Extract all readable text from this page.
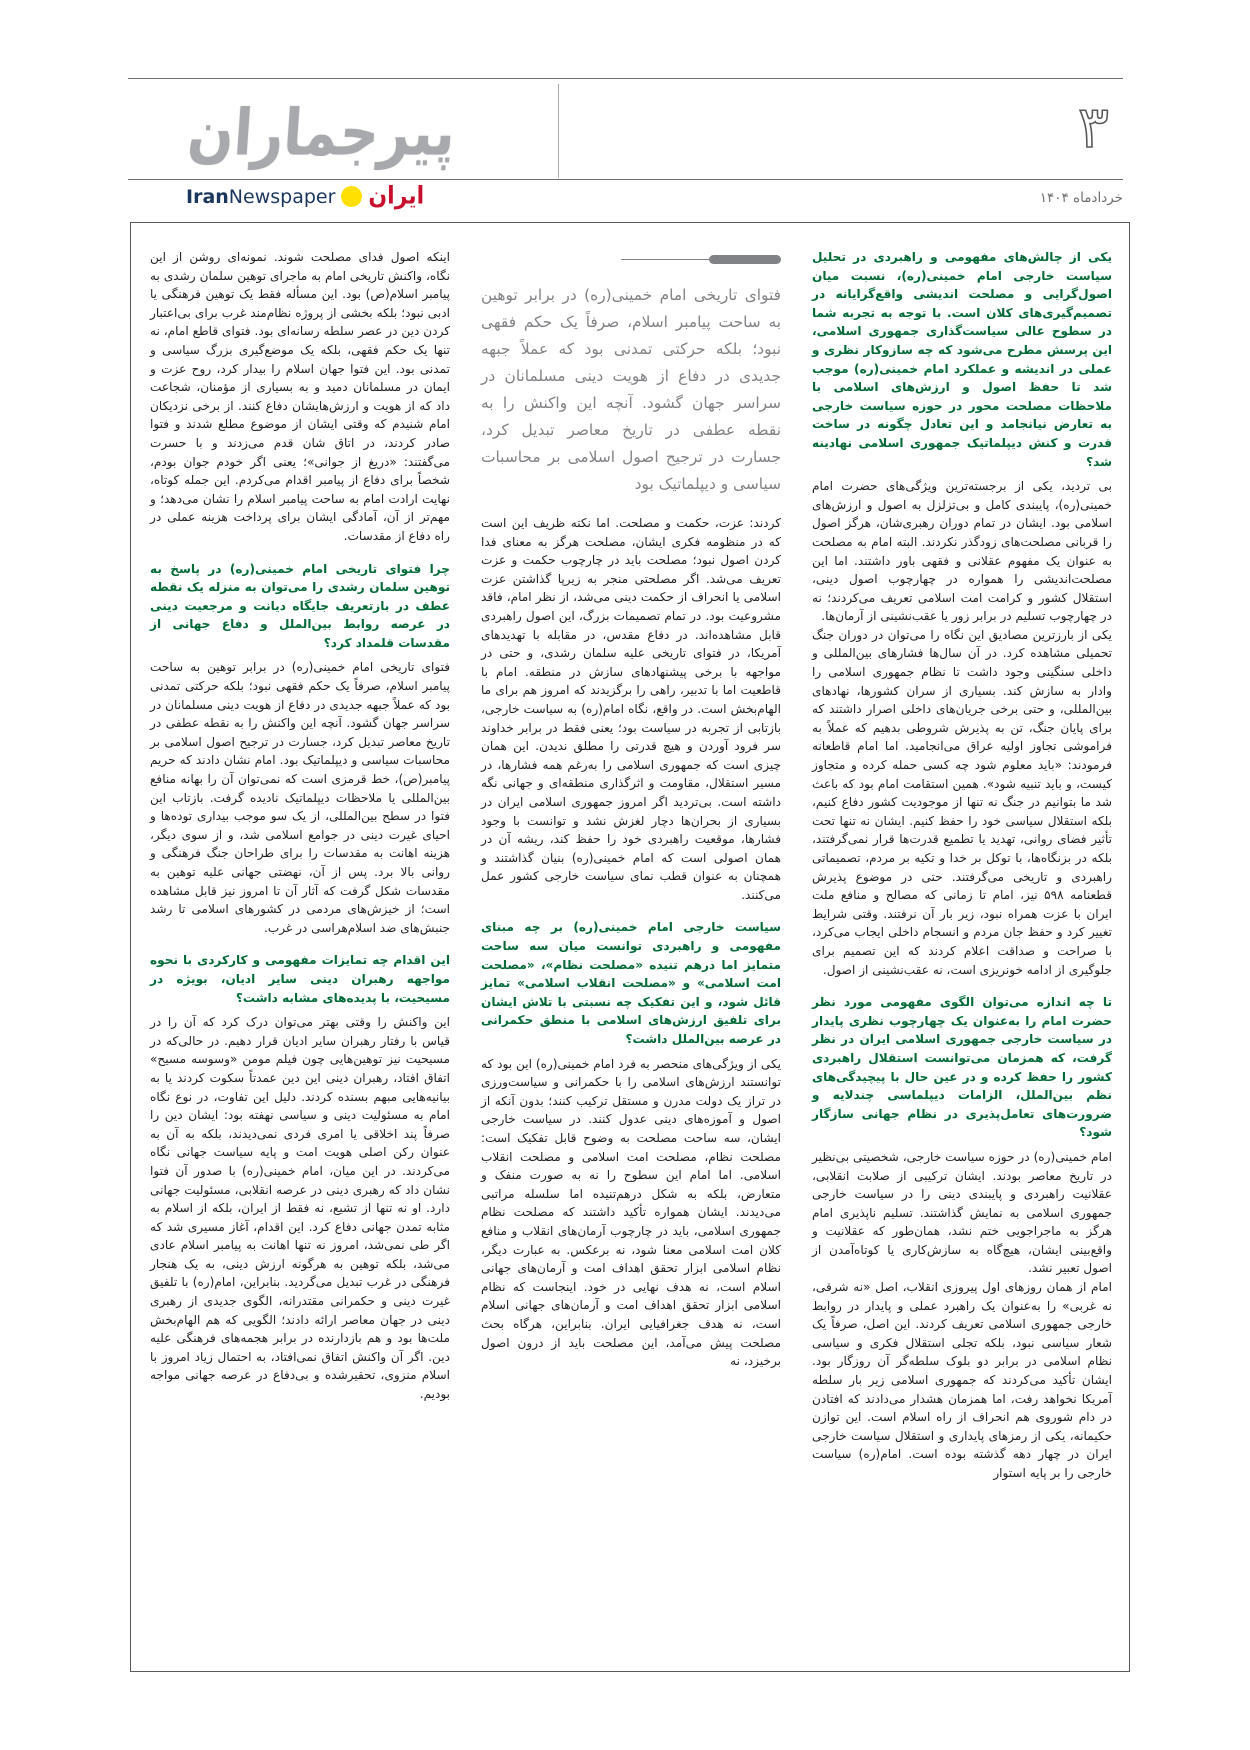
۳
پیرجماران
خردادماه ۱۴۰۴
IranNewspaper ایران

یکی از چالش‌های مفهومی و راهبردی در تحلیل سیاست خارجی امام خمینی(ره)، نسبت میان اصول‌گرایی و مصلحت اندیشی واقع‌گرایانه در تصمیم‌گیری‌های کلان است. با توجه به تجربه شما در سطوح عالی سیاست‌گذاری جمهوری اسلامی، این پرسش مطرح می‌شود که چه سازوکار نظری و عملی در اندیشه و عملکرد امام خمینی(ره) موجب شد تا حفظ اصول و ارزش‌های اسلامی با ملاحظات مصلحت محور در حوزه سیاست خارجی به تعارض نیانجامد و این تعادل چگونه در ساخت قدرت و کنش دیپلماتیک جمهوری اسلامی نهادینه شد؟

بی تردید، یکی از برجسته‌ترین ویژگی‌های حضرت امام خمینی(ره)، پایبندی کامل و بی‌تزلزل به اصول و ارزش‌های اسلامی بود. ایشان در تمام دوران رهبری‌شان، هرگز اصول را قربانی مصلحت‌های زودگذر نکردند. البته امام به مصلحت به عنوان یک مفهوم عقلانی و فقهی باور داشتند. اما این مصلحت‌اندیشی را همواره در چهارچوب اصول دینی، استقلال کشور و کرامت امت اسلامی تعریف می‌کردند؛ نه در چهارچوب تسلیم در برابر زور یا عقب‌نشینی از آرمان‌ها.

یکی از بارزترین مصادیق این نگاه را می‌توان در دوران جنگ تحمیلی مشاهده کرد. در آن سال‌ها فشارهای بین‌المللی و داخلی سنگینی وجود داشت تا نظام جمهوری اسلامی را وادار به سازش کند. بسیاری از سران کشورها، نهادهای بین‌المللی، و حتی برخی جریان‌های داخلی اصرار داشتند که برای پایان جنگ، تن به پذیرش شروطی بدهیم که عملاً به فراموشی تجاوز اولیه عراق می‌انجامید. اما امام قاطعانه فرمودند: «باید معلوم شود چه کسی حمله کرده و متجاوز کیست، و باید تنبیه شود». همین استقامت امام بود که باعث شد ما بتوانیم در جنگ نه تنها از موجودیت کشور دفاع کنیم، بلکه استقلال سیاسی خود را حفظ کنیم. ایشان نه تنها تحت تأثیر فضای روانی، تهدید یا تطمیع قدرت‌ها قرار نمی‌گرفتند، بلکه در بزنگاه‌ها، با توکل بر خدا و تکیه بر مردم، تصمیماتی راهبردی و تاریخی می‌گرفتند. حتی در موضوع پذیرش قطعنامه ۵۹۸ نیز، امام تا زمانی که مصالح و منافع ملت ایران با عزت همراه نبود، زیر بار آن نرفتند. وقتی شرایط تغییر کرد و حفظ جان مردم و انسجام داخلی ایجاب می‌کرد، با صراحت و صداقت اعلام کردند که این تصمیم برای جلوگیری از ادامه خونریزی است، نه عقب‌نشینی از اصول.

تا چه اندازه می‌توان الگوی مفهومی مورد نظر حضرت امام را به‌عنوان یک چهارچوب نظری پایدار در سیاست خارجی جمهوری اسلامی ایران در نظر گرفت، که همزمان می‌توانست استقلال راهبردی کشور را حفظ کرده و در عین حال با پیچیدگی‌های نظم بین‌الملل، الزامات دیپلماسی چندلایه و ضرورت‌های تعامل‌پذیری در نظام جهانی سازگار شود؟

امام خمینی(ره) در حوزه سیاست خارجی، شخصیتی بی‌نظیر در تاریخ معاصر بودند. ایشان ترکیبی از صلابت انقلابی، عقلانیت راهبردی و پایبندی دینی را در سیاست خارجی جمهوری اسلامی به نمایش گذاشتند. تسلیم ناپذیری امام هرگز به ماجراجویی ختم نشد، همان‌طور که عقلانیت و واقع‌بینی ایشان، هیچ‌گاه به سازش‌کاری یا کوتاه‌آمدن از اصول تعبیر نشد.

امام از همان روزهای اول پیروزی انقلاب، اصل «نه شرقی، نه غربی» را به‌عنوان یک راهبرد عملی و پایدار در روابط خارجی جمهوری اسلامی تعریف کردند. این اصل، صرفاً یک شعار سیاسی نبود، بلکه تجلی استقلال فکری و سیاسی نظام اسلامی در برابر دو بلوک سلطه‌گر آن روزگار بود. ایشان تأکید می‌کردند که جمهوری اسلامی زیر بار سلطه آمریکا نخواهد رفت، اما همزمان هشدار می‌دادند که افتادن در دام شوروی هم انحراف از راه اسلام است. این توازن حکیمانه، یکی از رمزهای پایداری و استقلال سیاست خارجی ایران در چهار دهه گذشته بوده است. امام(ره) سیاست خارجی را بر پایه استوار

فتوای تاریخی امام خمینی(ره) در برابر توهین به ساحت پیامبر اسلام، صرفاً یک حکم فقهی نبود؛ بلکه حرکتی تمدنی بود که عملاً جبهه جدیدی در دفاع از هویت دینی مسلمانان در سراسر جهان گشود. آنچه این واکنش را به نقطه عطفی در تاریخ معاصر تبدیل کرد، جسارت در ترجیح اصول اسلامی بر محاسبات سیاسی و دیپلماتیک بود

کردند: عزت، حکمت و مصلحت. اما نکته ظریف این است که در منظومه فکری ایشان، مصلحت هرگز به معنای فدا کردن اصول نبود؛ مصلحت باید در چارچوب حکمت و عزت تعریف می‌شد. اگر مصلحتی منجر به زیرپا گذاشتن عزت اسلامی یا انحراف از حکمت دینی می‌شد، از نظر امام، فاقد مشروعیت بود. در تمام تصمیمات بزرگ، این اصول راهبردی قابل مشاهده‌اند. در دفاع مقدس، در مقابله با تهدیدهای آمریکا، در فتوای تاریخی علیه سلمان رشدی، و حتی در مواجهه با برخی پیشنهادهای سازش در منطقه. امام با قاطعیت اما با تدبیر، راهی را برگزیدند که امروز هم برای ما الهام‌بخش است. در واقع، نگاه امام(ره) به سیاست خارجی، بازتابی از تجربه در سیاست بود؛ یعنی فقط در برابر خداوند سر فرود آوردن و هیچ قدرتی را مطلق ندیدن. این همان چیزی است که جمهوری اسلامی را به‌رغم همه فشارها، در مسیر استقلال، مقاومت و اثرگذاری منطقه‌ای و جهانی نگه داشته است. بی‌تردید اگر امروز جمهوری اسلامی ایران در بسیاری از بحران‌ها دچار لغزش نشد و توانست با وجود فشارها، موقعیت راهبردی خود را حفظ کند، ریشه آن در همان اصولی است که امام خمینی(ره) بنیان گذاشتند و همچنان به عنوان قطب نمای سیاست خارجی کشور عمل می‌کنند.

سیاست خارجی امام خمینی(ره) بر چه مبنای مفهومی و راهبردی توانست میان سه ساحت متمایز اما درهم تنیده «مصلحت نظام»، «مصلحت امت اسلامی» و «مصلحت انقلاب اسلامی» تمایز قائل شود، و این تفکیک چه نسبتی با تلاش ایشان برای تلفیق ارزش‌های اسلامی با منطق حکمرانی در عرصه بین‌الملل داشت؟

یکی از ویژگی‌های منحصر به فرد امام خمینی(ره) این بود که توانستند ارزش‌های اسلامی را با حکمرانی و سیاست‌ورزی در تراز یک دولت مدرن و مستقل ترکیب کنند؛ بدون آنکه از اصول و آموزه‌های دینی عدول کنند. در سیاست خارجی ایشان، سه ساحت مصلحت به وضوح قابل تفکیک است: مصلحت نظام، مصلحت امت اسلامی و مصلحت انقلاب اسلامی. اما امام این سطوح را نه به صورت منفک و متعارض، بلکه به شکل درهم‌تنیده اما سلسله مراتبی می‌دیدند. ایشان همواره تأکید داشتند که مصلحت نظام جمهوری اسلامی، باید در چارچوب آرمان‌های انقلاب و منافع کلان امت اسلامی معنا شود، نه برعکس. به عبارت دیگر، نظام اسلامی ابزار تحقق اهداف امت و آرمان‌های جهانی اسلام است، نه هدف نهایی در خود. اینجاست که نظام اسلامی ابزار تحقق اهداف امت و آرمان‌های جهانی اسلام است، نه هدف جغرافیایی ایران. بنابراین، هرگاه بحث مصلحت پیش می‌آمد، این مصلحت باید از درون اصول برخیزد، نه

اینکه اصول فدای مصلحت شوند. نمونه‌ای روشن از این نگاه، واکنش تاریخی امام به ماجرای توهین سلمان رشدی به پیامبر اسلام(ص) بود. این مسأله فقط یک توهین فرهنگی یا ادبی نبود؛ بلکه بخشی از پروژه نظام‌مند غرب برای بی‌اعتبار کردن دین در عصر سلطه رسانه‌ای بود. فتوای قاطع امام، نه تنها یک حکم فقهی، بلکه یک موضع‌گیری بزرگ سیاسی و تمدنی بود. این فتوا جهان اسلام را بیدار کرد، روح عزت و ایمان در مسلمانان دمید و به بسیاری از مؤمنان، شجاعت داد که از هویت و ارزش‌هایشان دفاع کنند. از برخی نزدیکان امام شنیدم که وقتی ایشان از موضوع مطلع شدند و فتوا صادر کردند، در اتاق‌ شان قدم می‌زدند و با حسرت می‌گفتند: «دریغ از جوانی»؛ یعنی اگر خودم جوان بودم، شخصاً برای دفاع از پیامبر اقدام می‌کردم. این جمله کوتاه، نهایت ارادت امام به ساحت پیامبر اسلام را نشان می‌دهد؛ و مهم‌تر از آن، آمادگی ایشان برای پرداخت هزینه عملی در راه دفاع از مقدسات.

چرا فتوای تاریخی امام خمینی(ره) در پاسخ به توهین سلمان رشدی را می‌توان به منزله یک نقطه عطف در بازتعریف جایگاه دیانت و مرجعیت دینی در عرصه روابط بین‌الملل و دفاع جهانی از مقدسات قلمداد کرد؟

فتوای تاریخی امام خمینی(ره) در برابر توهین به ساحت پیامبر اسلام، صرفاً یک حکم فقهی نبود؛ بلکه حرکتی تمدنی بود که عملاً جبهه جدیدی در دفاع از هویت دینی مسلمانان در سراسر جهان گشود. آنچه این واکنش را به نقطه عطفی در تاریخ معاصر تبدیل کرد، جسارت در ترجیح اصول اسلامی بر محاسبات سیاسی و دیپلماتیک بود. امام نشان دادند که حریم پیامبر(ص)، خط قرمزی است که نمی‌توان آن را بهانه منافع بین‌المللی یا ملاحظات دیپلماتیک نادیده گرفت. بازتاب این فتوا در سطح بین‌المللی، از یک سو موجب بیداری توده‌ها و احیای غیرت دینی در جوامع اسلامی شد، و از سوی دیگر، هزینه اهانت به مقدسات را برای طراحان جنگ فرهنگی و روانی بالا برد. پس از آن، نهضتی جهانی علیه توهین به مقدسات شکل گرفت که آثار آن تا امروز نیز قابل مشاهده است؛ از خیزش‌های مردمی در کشورهای اسلامی تا رشد جنبش‌های ضد اسلام‌هراسی در غرب.

این اقدام چه تمایزات مفهومی و کارکردی با نحوه مواجهه رهبران دینی سایر ادیان، بویژه در مسیحیت، با پدیده‌های مشابه داشت؟

این واکنش را وقتی بهتر می‌توان درک کرد که آن را در قیاس با رفتار رهبران سایر ادیان قرار دهیم. در حالی‌که در مسیحیت نیز توهین‌هایی چون فیلم مومن «وسوسه مسیح» اتفاق افتاد، رهبران دینی این دین عمدتاً سکوت کردند یا به بیانیه‌هایی مبهم بسنده کردند. دلیل این تفاوت، در نوع نگاه امام به مسئولیت دینی و سیاسی نهفته بود: ایشان دین را صرفاً پند اخلاقی یا امری فردی نمی‌دیدند، بلکه به آن به عنوان رکن اصلی هویت امت و پایه سیاست جهانی نگاه می‌کردند. در این میان، امام خمینی(ره) با صدور آن فتوا نشان داد که رهبری دینی در عرصه انقلابی، مسئولیت جهانی دارد. او نه تنها از تشیع، نه فقط از ایران، بلکه از اسلام به مثابه تمدن جهانی دفاع کرد. این اقدام، آغاز مسیری شد که اگر طی نمی‌شد، امروز نه تنها اهانت به پیامبر اسلام عادی می‌شد، بلکه توهین به هرگونه ارزش دینی، به یک هنجار فرهنگی در غرب تبدیل می‌گردید. بنابراین، امام(ره) با تلفیق غیرت دینی و حکمرانی مقتدرانه، الگوی جدیدی از رهبری دینی در جهان معاصر ارائه دادند؛ الگویی که هم الهام‌بخش ملت‌ها بود و هم بازدارنده در برابر هجمه‌های فرهنگی علیه دین. اگر آن واکنش اتفاق نمی‌افتاد، به احتمال زیاد امروز با اسلام منزوی، تحقیرشده و بی‌دفاع در عرصه جهانی مواجه بودیم.
